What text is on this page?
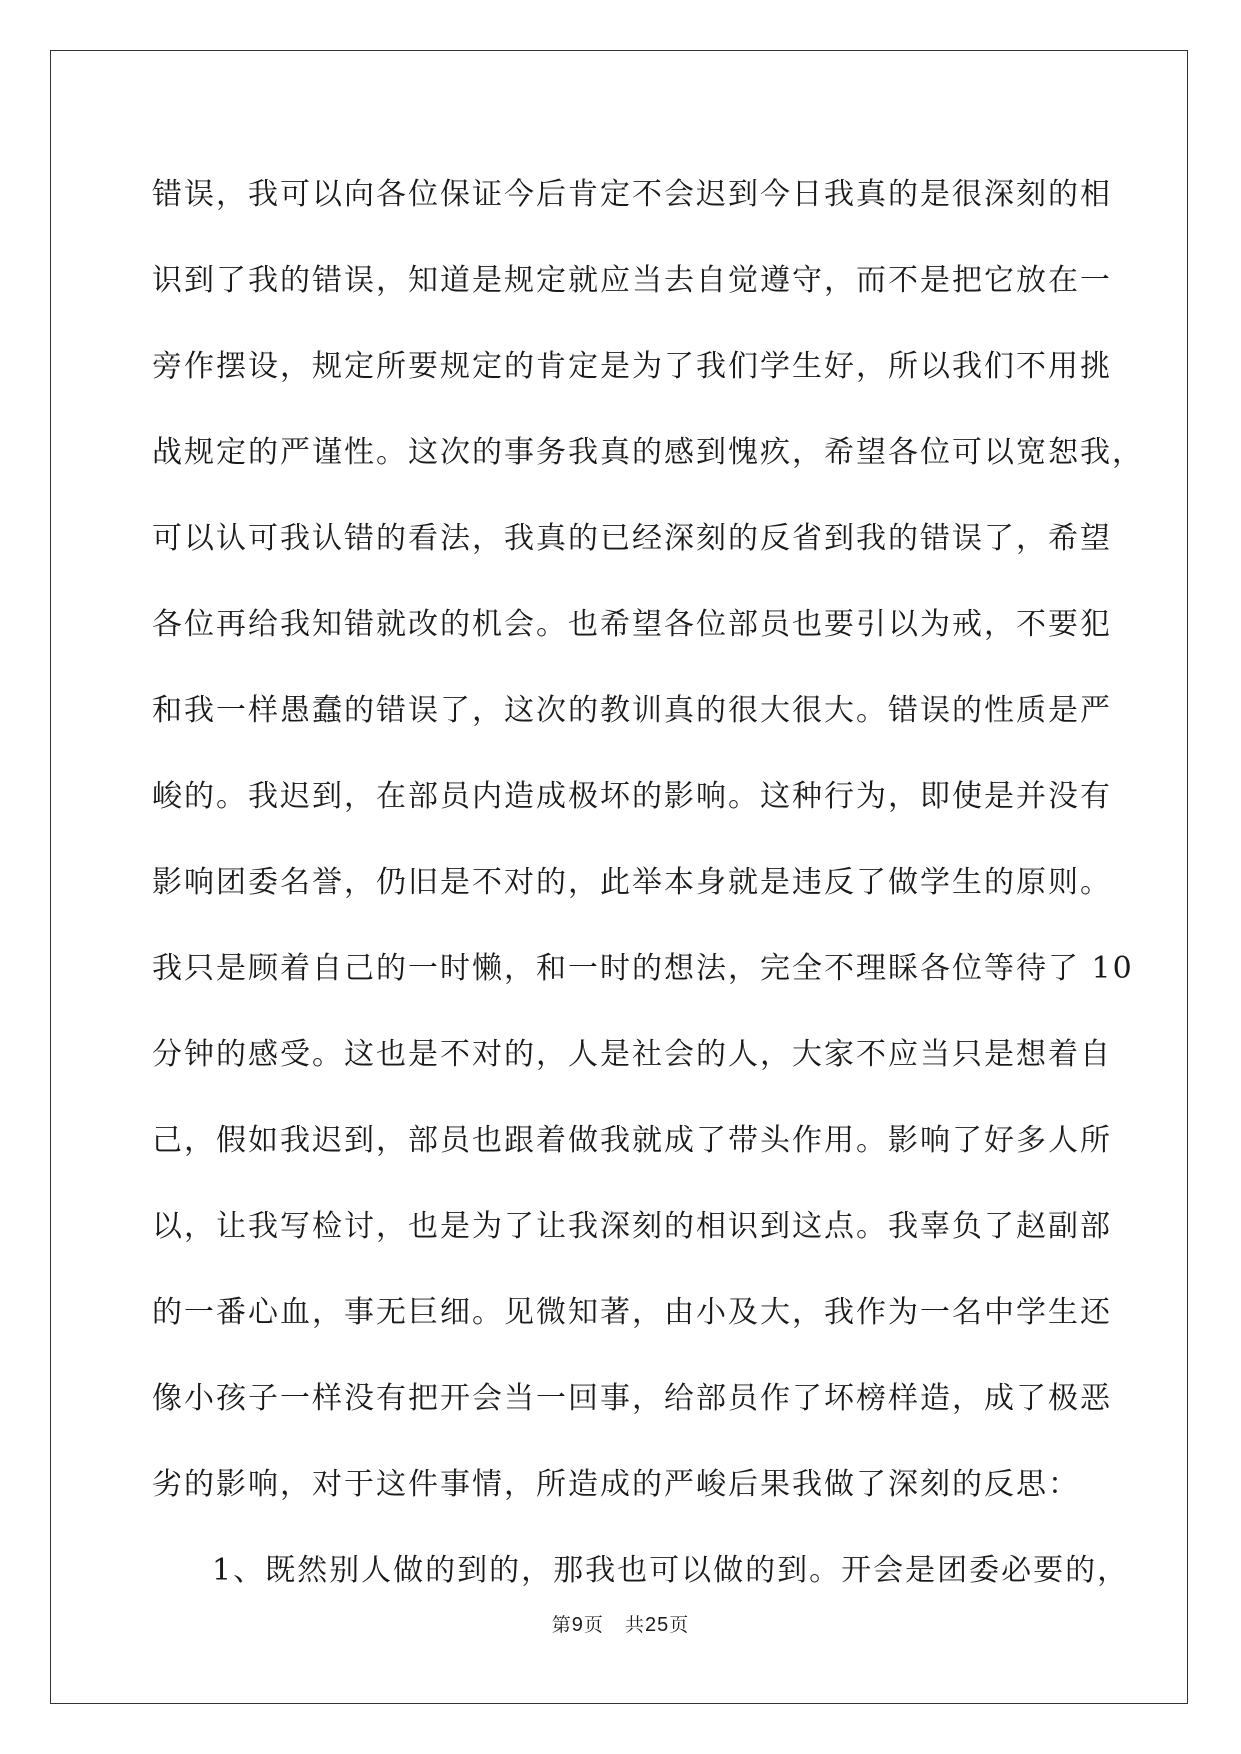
错误，我可以向各位保证今后肯定不会迟到今日我真的是很深刻的相
识到了我的错误，知道是规定就应当去自觉遵守，而不是把它放在一
旁作摆设，规定所要规定的肯定是为了我们学生好，所以我们不用挑
战规定的严谨性。这次的事务我真的感到愧疚，希望各位可以宽恕我，
可以认可我认错的看法，我真的已经深刻的反省到我的错误了，希望
各位再给我知错就改的机会。也希望各位部员也要引以为戒，不要犯
和我一样愚蠢的错误了，这次的教训真的很大很大。错误的性质是严
峻的。我迟到，在部员内造成极坏的影响。这种行为，即使是并没有
影响团委名誉，仍旧是不对的，此举本身就是违反了做学生的原则。
我只是顾着自己的一时懒，和一时的想法，完全不理睬各位等待了 10
分钟的感受。这也是不对的，人是社会的人，大家不应当只是想着自
己，假如我迟到，部员也跟着做我就成了带头作用。影响了好多人所
以，让我写检讨，也是为了让我深刻的相识到这点。我辜负了赵副部
的一番心血，事无巨细。见微知著，由小及大，我作为一名中学生还
像小孩子一样没有把开会当一回事，给部员作了坏榜样造，成了极恶
劣的影响，对于这件事情，所造成的严峻后果我做了深刻的反思：
1、既然别人做的到的，那我也可以做的到。开会是团委必要的，
第9页 共25页
